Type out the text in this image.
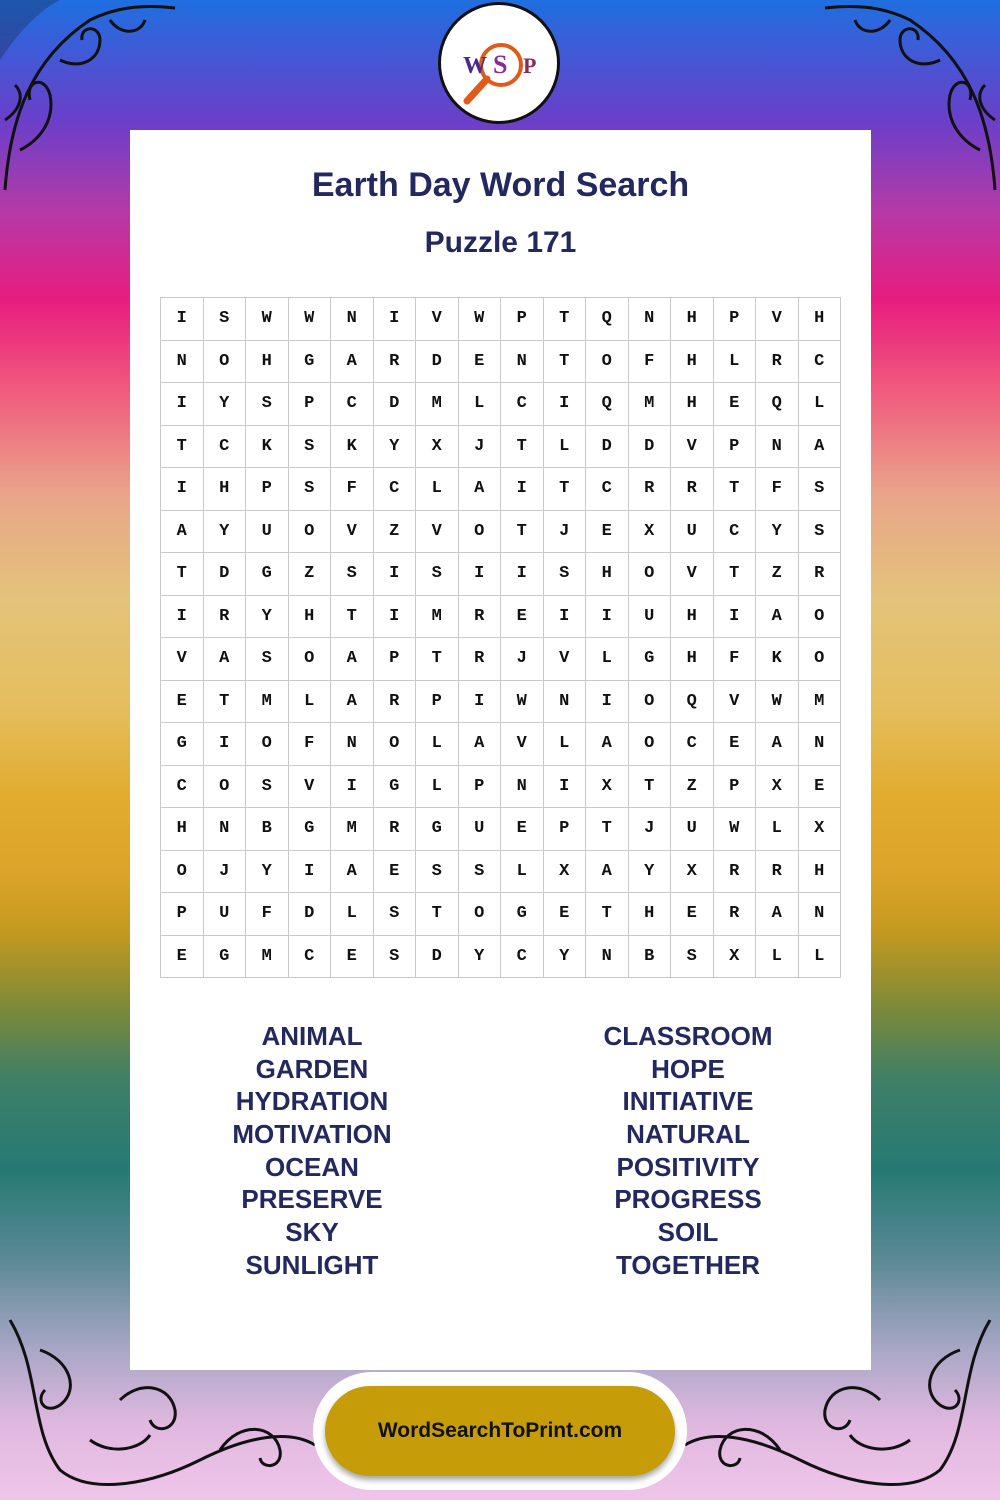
W S P
Earth Day Word Search
Puzzle 171
I	S	W	W	N	I	V	W	P	T	Q	N	H	P	V	H
N	O	H	G	A	R	D	E	N	T	O	F	H	L	R	C
I	Y	S	P	C	D	M	L	C	I	Q	M	H	E	Q	L
T	C	K	S	K	Y	X	J	T	L	D	D	V	P	N	A
I	H	P	S	F	C	L	A	I	T	C	R	R	T	F	S
A	Y	U	O	V	Z	V	O	T	J	E	X	U	C	Y	S
T	D	G	Z	S	I	S	I	I	S	H	O	V	T	Z	R
I	R	Y	H	T	I	M	R	E	I	I	U	H	I	A	O
V	A	S	O	A	P	T	R	J	V	L	G	H	F	K	O
E	T	M	L	A	R	P	I	W	N	I	O	Q	V	W	M
G	I	O	F	N	O	L	A	V	L	A	O	C	E	A	N
C	O	S	V	I	G	L	P	N	I	X	T	Z	P	X	E
H	N	B	G	M	R	G	U	E	P	T	J	U	W	L	X
O	J	Y	I	A	E	S	S	L	X	A	Y	X	R	R	H
P	U	F	D	L	S	T	O	G	E	T	H	E	R	A	N
E	G	M	C	E	S	D	Y	C	Y	N	B	S	X	L	L
ANIMAL
GARDEN
HYDRATION
MOTIVATION
OCEAN
PRESERVE
SKY
SUNLIGHT
CLASSROOM
HOPE
INITIATIVE
NATURAL
POSITIVITY
PROGRESS
SOIL
TOGETHER
WordSearchToPrint.com
